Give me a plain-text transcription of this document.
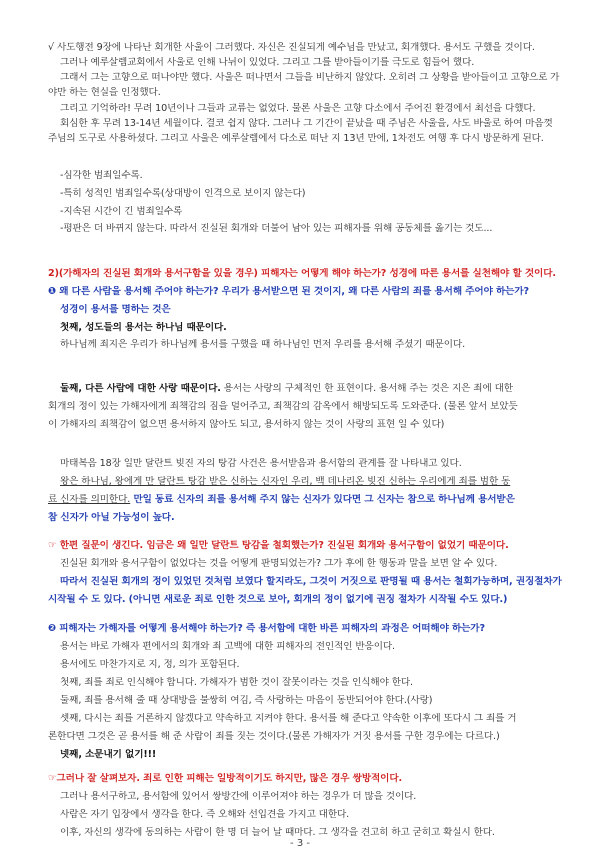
√ 사도행전 9장에 나타난 회개한 사울이 그러했다. 자신은 진실되게 예수님을 만났고, 회개했다. 용서도 구했을 것이다.
그러나 예루살렘교회에서 사울로 인해 나뉘이 있었다. 그리고 그를 받아들이기를 극도로 힘들어 했다.
그래서 그는 고향으로 떠나야만 했다. 사울은 떠나면서 그들을 비난하지 않았다. 오히려 그 상황을 받아들이고 고향으로 가
야만 하는 현실을 인정했다.
그리고 기억하라! 무려 10년이나 그들과 교류는 없었다. 물론 사울은 고향 다소에서 주어진 환경에서 최선을 다했다.
회심한 후 무려 13-14년 세월이다. 결코 쉽지 않다. 그러나 그 기간이 끝났을 때 주님은 사울을, 사도 바울로 하여 마음껏
주님의 도구로 사용하셨다. 그리고 사울은 예루살렘에서 다소로 떠난 지 13년 만에, 1차전도 여행 후 다시 방문하게 된다.
-심각한 범죄일수록.
-특히 성적인 범죄일수록(상대방이 인격으로 보이지 않는다)
-지속된 시간이 긴 범죄일수록
-평판은 더 바뀌지 않는다. 따라서 진실된 회개와 더불어 남아 있는 피해자를 위해 공동체를 옮기는 것도...
2)(가해자의 진실된 회개와 용서구함을 있을 경우) 피해자는 어떻게 해야 하는가? 성경에 따른 용서를 실천해야 할 것이다.
❶ 왜 다른 사람을 용서해 주어야 하는가? 우리가 용서받으면 된 것이지, 왜 다른 사람의 죄를 용서해 주어야 하는가?
성경이 용서를 명하는 것은
첫째, 성도들의 용서는 하나님 때문이다.
하나님께 죄지은 우리가 하나님께 용서를 구했을 때 하나님인 먼저 우리를 용서해 주셨기 때문이다.
둘째, 다른 사람에 대한 사랑 때문이다. 용서는 사랑의 구체적인 한 표현이다. 용서해 주는 것은 지은 죄에 대한
회개의 정이 있는 가해자에게 죄책감의 짐을 덜어주고, 죄책감의 감옥에서 해방되도록 도와준다. (물론 앞서 보았듯
이 가해자의 죄책감이 없으면 용서하지 않아도 되고, 용서하지 않는 것이 사랑의 표현 일 수 있다)
마태복음 18장 일만 달란트 빚진 자의 탕감 사건은 용서받음과 용서함의 관계를 잘 나타내고 있다.
왕은 하나님, 왕에게 만 달란트 탕감 받은 신하는 신자인 우리, 백 데나리온 빚진 신하는 우리에게 죄를 범한 동
료 신자를 의미한다. 만일 동료 신자의 죄를 용서해 주지 않는 신자가 있다면 그 신자는 참으로 하나님께 용서받은
참 신자가 아닐 가능성이 높다.
☞ 한편 질문이 생긴다. 임금은 왜 일만 달란트 탕감을 철회했는가? 진실된 회개와 용서구함이 없었기 때문이다.
진실된 회개와 용서구함이 없었다는 것을 어떻게 판명되었는가? 그가 후에 한 행동과 말을 보면 알 수 있다.
따라서 진실된 회개의 정이 있었던 것처럼 보였다 할지라도, 그것이 거짓으로 판명될 때 용서는 철회가능하며, 권징절차가
시작될 수 도 있다. (아니면 새로운 죄로 인한 것으로 보아, 회개의 정이 없기에 권징 절차가 시작될 수도 있다.)
❷ 피해자는 가해자를 어떻게 용서해야 하는가? 즉 용서함에 대한 바른 피해자의 과정은 어떠해야 하는가?
용서는 바로 가해자 편에서의 회개와 죄 고백에 대한 피해자의 전인적인 반응이다.
용서에도 마찬가지로 지, 정, 의가 포함된다.
첫째, 죄를 죄로 인식해야 합니다. 가해자가 범한 것이 잘못이라는 것을 인식해야 한다.
둘째, 죄를 용서해 줄 때 상대방을 불쌍히 여김, 즉 사랑하는 마음이 동반되어야 한다.(사랑)
셋째, 다시는 죄를 거론하지 않겠다고 약속하고 지켜야 한다. 용서를 해 준다고 약속한 이후에 또다시 그 죄를 거
론한다면 그것은 곧 용서를 해 준 사람이 죄를 짓는 것이다.(물론 가해자가 거짓 용서를 구한 경우에는 다르다.)
넷째, 소문내기 없기!!!
☞그러나 잘 살펴보자. 죄로 인한 피해는 일방적이기도 하지만, 많은 경우 쌍방적이다.
그러나 용서구하고, 용서함에 있어서 쌍방간에 이루어져야 하는 경우가 더 많을 것이다.
사람은 자기 입장에서 생각을 한다. 즉 오해와 선입견을 가지고 대한다.
이후, 자신의 생각에 동의하는 사람이 한 명 더 늘어 날 때마다. 그 생각을 견고히 하고 굳히고 확실시 한다.
- 3 -
